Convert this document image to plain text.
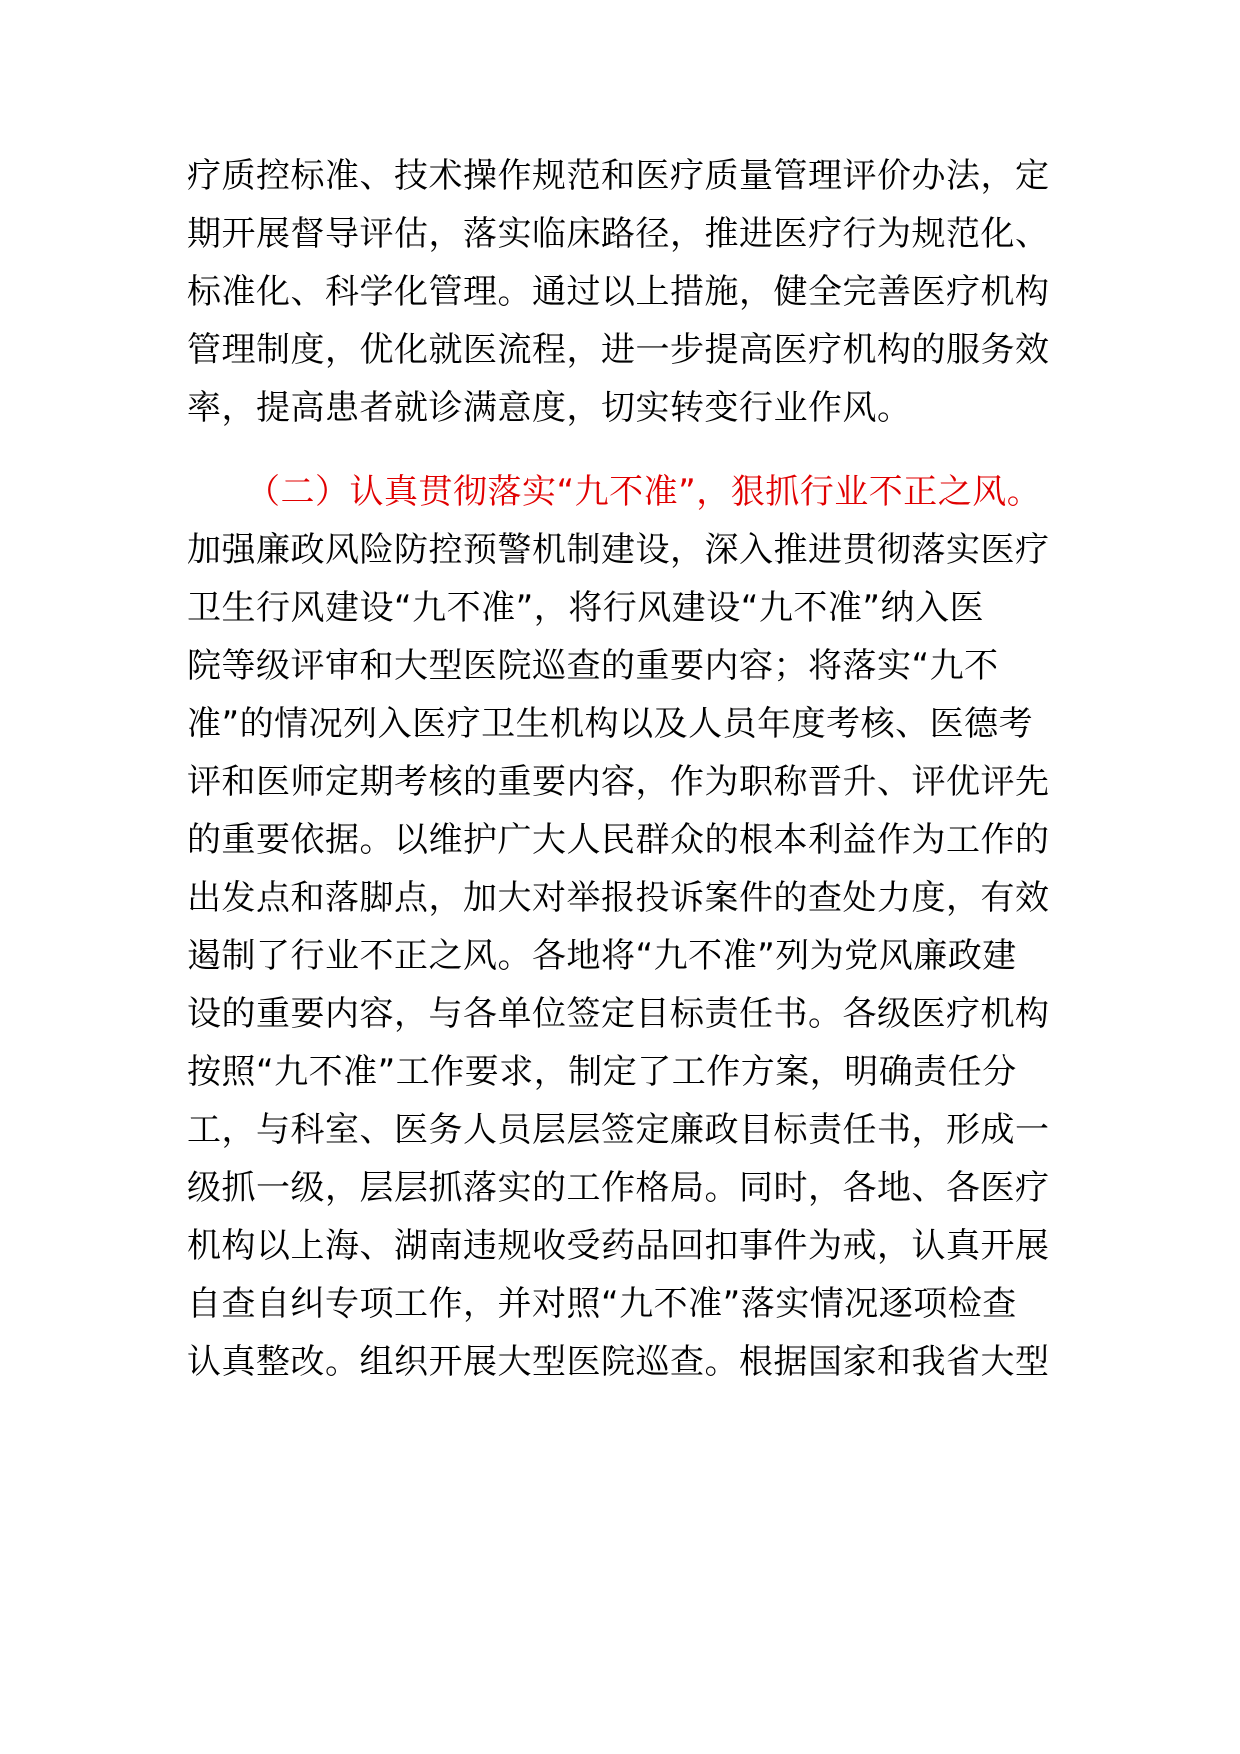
疗质控标准、技术操作规范和医疗质量管理评价办法，定
期开展督导评估，落实临床路径，推进医疗行为规范化、
标准化、科学化管理。通过以上措施，健全完善医疗机构
管理制度，优化就医流程，进一步提高医疗机构的服务效
率，提高患者就诊满意度，切实转变行业作风。
（二）认真贯彻落实“九不准”，狠抓行业不正之风。
加强廉政风险防控预警机制建设，深入推进贯彻落实医疗
卫生行风建设“九不准”，将行风建设“九不准”纳入医
院等级评审和大型医院巡查的重要内容；将落实“九不
准”的情况列入医疗卫生机构以及人员年度考核、医德考
评和医师定期考核的重要内容，作为职称晋升、评优评先
的重要依据。以维护广大人民群众的根本利益作为工作的
出发点和落脚点，加大对举报投诉案件的查处力度，有效
遏制了行业不正之风。各地将“九不准”列为党风廉政建
设的重要内容，与各单位签定目标责任书。各级医疗机构
按照“九不准”工作要求，制定了工作方案，明确责任分
工，与科室、医务人员层层签定廉政目标责任书，形成一
级抓一级，层层抓落实的工作格局。同时，各地、各医疗
机构以上海、湖南违规收受药品回扣事件为戒，认真开展
自查自纠专项工作，并对照“九不准”落实情况逐项检查
认真整改。组织开展大型医院巡查。根据国家和我省大型
